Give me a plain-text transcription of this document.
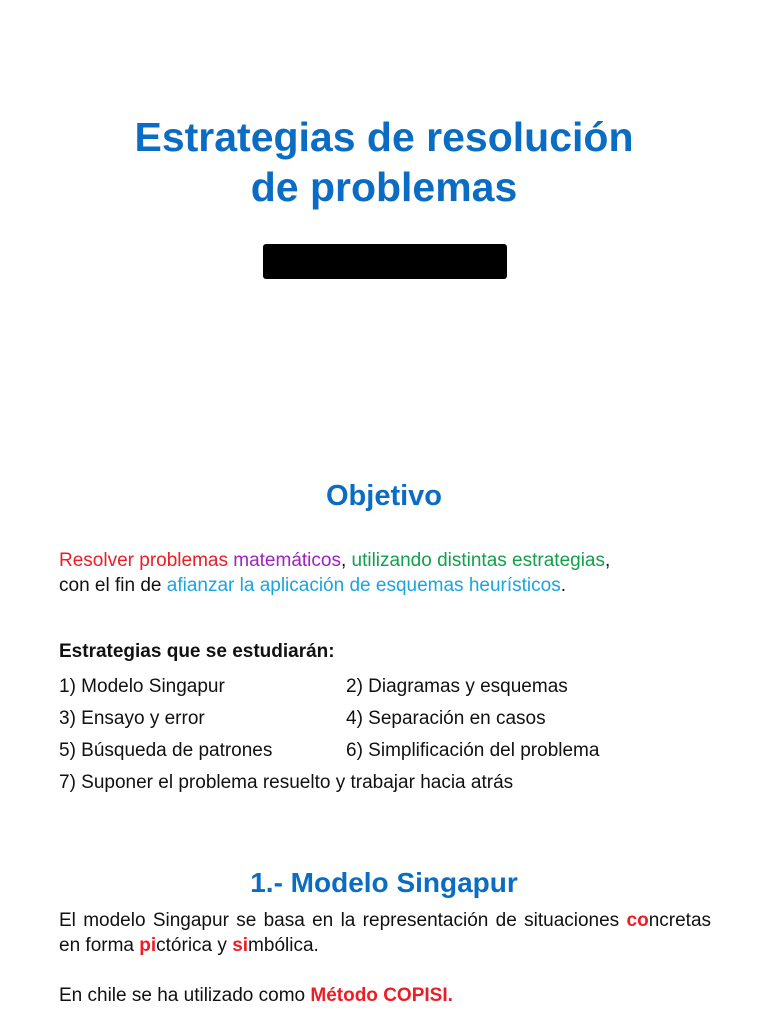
Estrategias de resolución
de problemas
Objetivo

Resolver problemas matemáticos, utilizando distintas estrategias,
con el fin de afianzar la aplicación de esquemas heurísticos.

Estrategias que se estudiarán:

1) Modelo Singapur	2) Diagramas y esquemas
3) Ensayo y error	4) Separación en casos
5) Búsqueda de patrones	6) Simplificación del problema
7) Suponer el problema resuelto y trabajar hacia atrás
1.- Modelo Singapur

El modelo Singapur se basa en la representación de situaciones concretas en forma pictórica y simbólica.

En chile se ha utilizado como Método COPISI.
